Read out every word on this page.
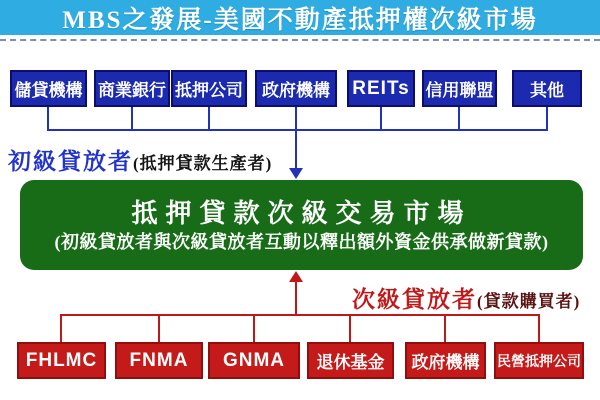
MBS之發展-美國不動產抵押權次級市場
儲貸機構 商業銀行 抵押公司 政府機構 REITs 信用聯盟 其他
初級貸放者 (抵押貸款生產者)
抵押貸款次級交易市場
(初級貸放者與次級貸放者互動以釋出額外資金供承做新貸款)
次級貸放者 (貸款購買者)
FHLMC FNMA GNMA 退休基金 政府機構 民營抵押公司
